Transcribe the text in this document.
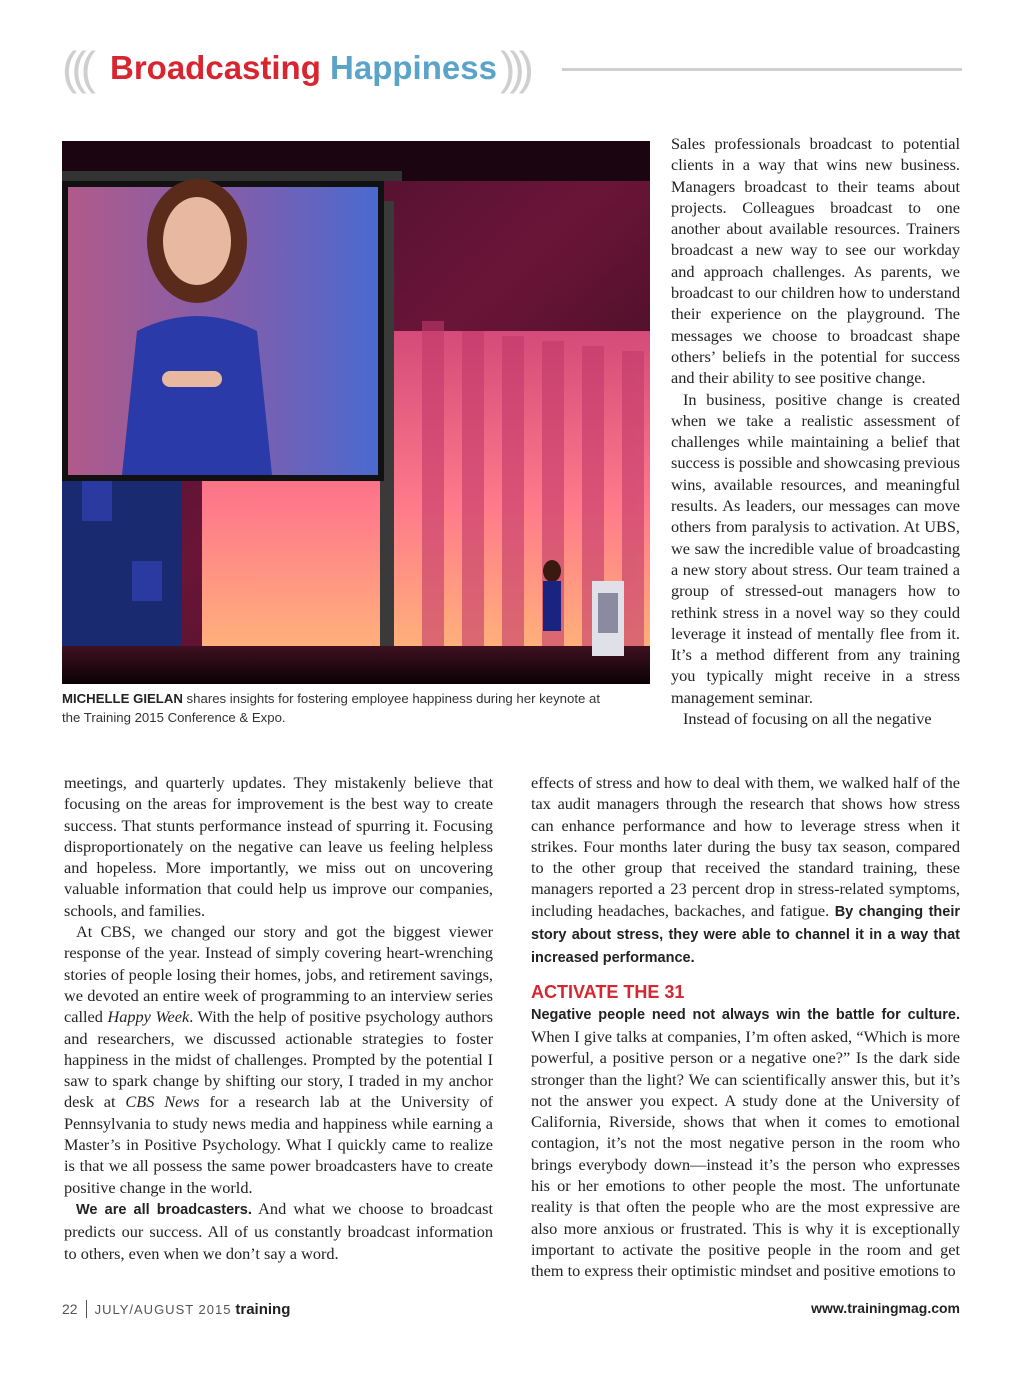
((( Broadcasting Happiness )))
MICHELLE GIELAN shares insights for fostering employee happiness during her keynote at the Training 2015 Conference & Expo.

Sales professionals broadcast to potential clients in a way that wins new business. Managers broadcast to their teams about projects. Colleagues broadcast to one another about available resources. Trainers broadcast a new way to see our workday and approach challenges. As parents, we broadcast to our children how to understand their experience on the playground. The messages we choose to broadcast shape others’ beliefs in the potential for success and their ability to see positive change.

In business, positive change is created when we take a realistic assessment of challenges while maintaining a belief that success is possible and showcasing previous wins, available resources, and meaningful results. As leaders, our messages can move others from paralysis to activation. At UBS, we saw the incredible value of broadcasting a new story about stress. Our team trained a group of stressed-out managers how to rethink stress in a novel way so they could leverage it instead of mentally flee from it. It’s a method different from any training you typically might receive in a stress management seminar.

Instead of focusing on all the negative

meetings, and quarterly updates. They mistakenly believe that focusing on the areas for improvement is the best way to create success. That stunts performance instead of spurring it. Focusing disproportionately on the negative can leave us feeling helpless and hopeless. More importantly, we miss out on uncovering valuable information that could help us improve our companies, schools, and families.

At CBS, we changed our story and got the biggest viewer response of the year. Instead of simply covering heart-wrenching stories of people losing their homes, jobs, and retirement savings, we devoted an entire week of programming to an interview series called Happy Week. With the help of positive psychology authors and researchers, we discussed actionable strategies to foster happiness in the midst of challenges. Prompted by the potential I saw to spark change by shifting our story, I traded in my anchor desk at CBS News for a research lab at the University of Pennsylvania to study news media and happiness while earning a Master’s in Positive Psychology. What I quickly came to realize is that we all possess the same power broadcasters have to create positive change in the world.

We are all broadcasters. And what we choose to broadcast predicts our success. All of us constantly broadcast information to others, even when we don’t say a word.

effects of stress and how to deal with them, we walked half of the tax audit managers through the research that shows how stress can enhance performance and how to leverage stress when it strikes. Four months later during the busy tax season, compared to the other group that received the standard training, these managers reported a 23 percent drop in stress-related symptoms, including headaches, backaches, and fatigue. By changing their story about stress, they were able to channel it in a way that increased performance.

ACTIVATE THE 31

Negative people need not always win the battle for culture. When I give talks at companies, I’m often asked, “Which is more powerful, a positive person or a negative one?” Is the dark side stronger than the light? We can scientifically answer this, but it’s not the answer you expect. A study done at the University of California, Riverside, shows that when it comes to emotional contagion, it’s not the most negative person in the room who brings everybody down—instead it’s the person who expresses his or her emotions to other people the most. The unfortunate reality is that often the people who are the most expressive are also more anxious or frustrated. This is why it is exceptionally important to activate the positive people in the room and get them to express their optimistic mindset and positive emotions to

22 JULY/AUGUST 2015 training	www.trainingmag.com
